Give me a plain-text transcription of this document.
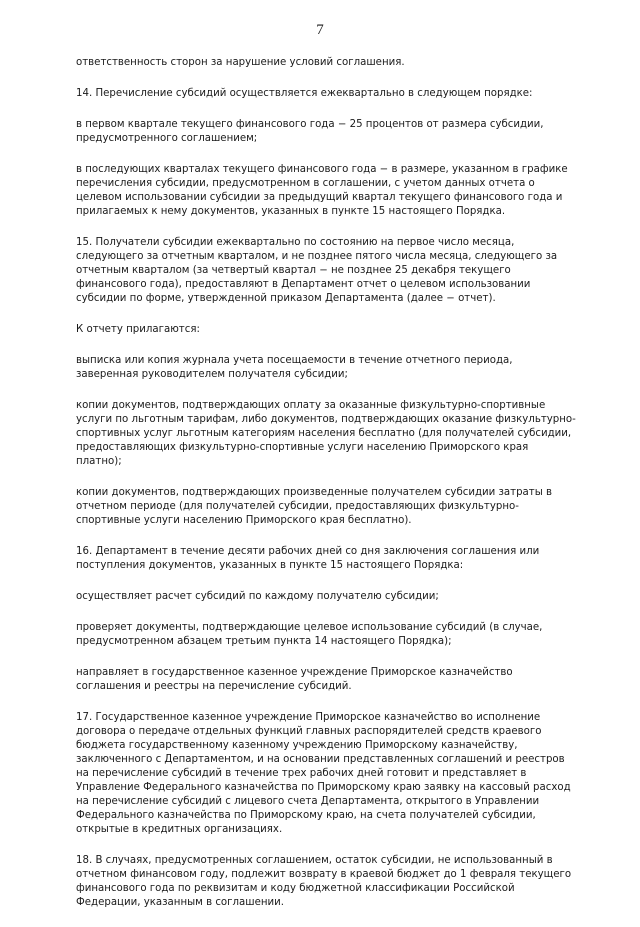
7

ответственность сторон за нарушение условий соглашения.

14. Перечисление субсидий осуществляется ежеквартально в следующем порядке:

в первом квартале текущего финансового года − 25 процентов от размера субсидии,
предусмотренного соглашением;

в последующих кварталах текущего финансового года − в размере, указанном в графике
перечисления субсидии, предусмотренном в соглашении, с учетом данных отчета о
целевом использовании субсидии за предыдущий квартал текущего финансового года и
прилагаемых к нему документов, указанных в пункте 15 настоящего Порядка.

15. Получатели субсидии ежеквартально по состоянию на первое число месяца,
следующего за отчетным кварталом, и не позднее пятого числа месяца, следующего за
отчетным кварталом (за четвертый квартал − не позднее 25 декабря текущего
финансового года), предоставляют в Департамент отчет о целевом использовании
субсидии по форме, утвержденной приказом Департамента (далее − отчет).

К отчету прилагаются:

выписка или копия журнала учета посещаемости в течение отчетного периода,
заверенная руководителем получателя субсидии;

копии документов, подтверждающих оплату за оказанные физкультурно-спортивные
услуги по льготным тарифам, либо документов, подтверждающих оказание физкультурно-
спортивных услуг льготным категориям населения бесплатно (для получателей субсидии,
предоставляющих физкультурно-спортивные услуги населению Приморского края
платно);

копии документов, подтверждающих произведенные получателем субсидии затраты в
отчетном периоде (для получателей субсидии, предоставляющих физкультурно-
спортивные услуги населению Приморского края бесплатно).

16. Департамент в течение десяти рабочих дней со дня заключения соглашения или
поступления документов, указанных в пункте 15 настоящего Порядка:

осуществляет расчет субсидий по каждому получателю субсидии;

проверяет документы, подтверждающие целевое использование субсидий (в случае,
предусмотренном абзацем третьим пункта 14 настоящего Порядка);

направляет в государственное казенное учреждение Приморское казначейство
соглашения и реестры на перечисление субсидий.

17. Государственное казенное учреждение Приморское казначейство во исполнение
договора о передаче отдельных функций главных распорядителей средств краевого
бюджета государственному казенному учреждению Приморскому казначейству,
заключенного с Департаментом, и на основании представленных соглашений и реестров
на перечисление субсидий в течение трех рабочих дней готовит и представляет в
Управление Федерального казначейства по Приморскому краю заявку на кассовый расход
на перечисление субсидий с лицевого счета Департамента, открытого в Управлении
Федерального казначейства по Приморскому краю, на счета получателей субсидии,
открытые в кредитных организациях.

18. В случаях, предусмотренных соглашением, остаток субсидии, не использованный в
отчетном финансовом году, подлежит возврату в краевой бюджет до 1 февраля текущего
финансового года по реквизитам и коду бюджетной классификации Российской
Федерации, указанным в соглашении.
